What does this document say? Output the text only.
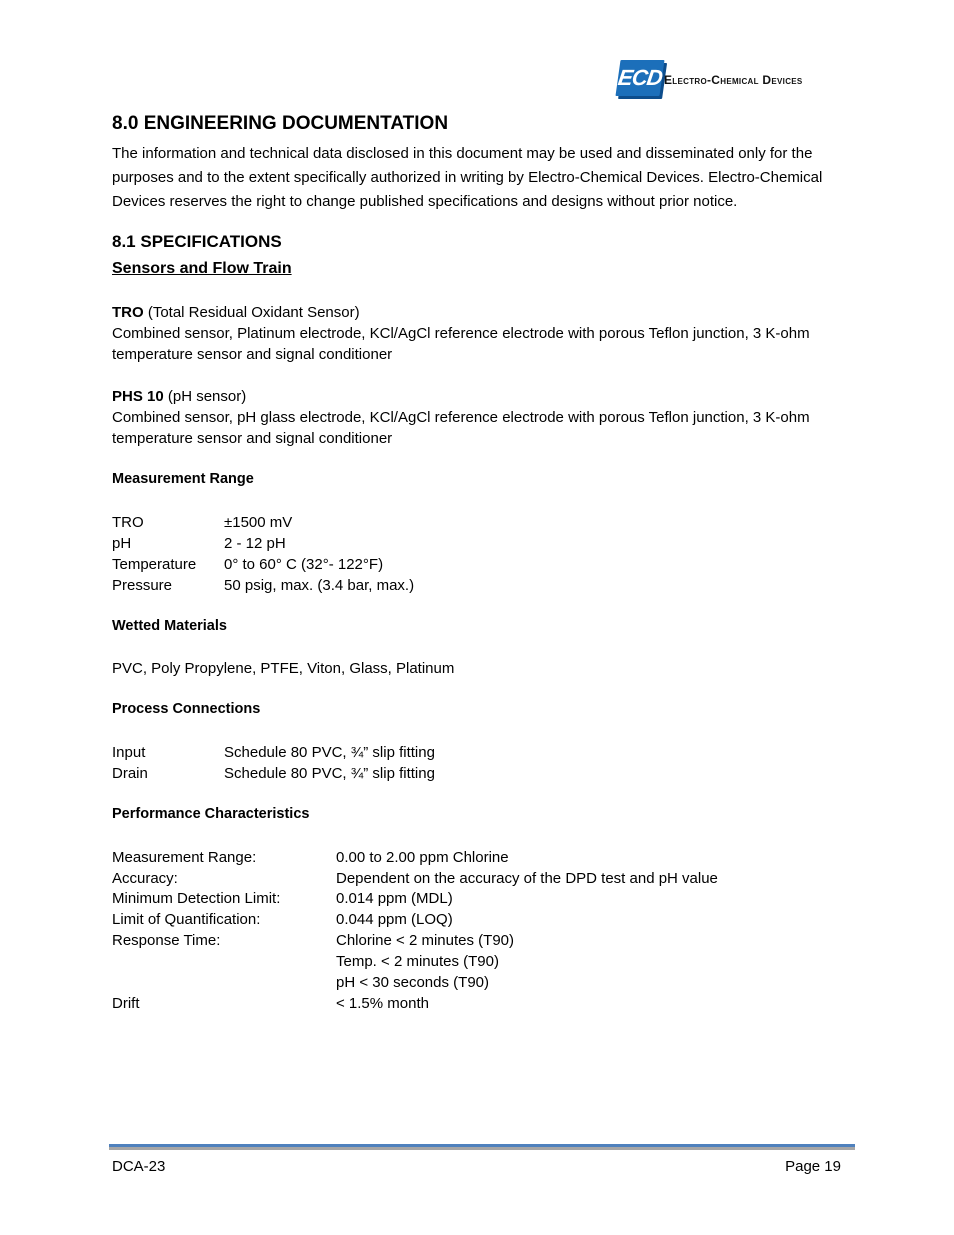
ECD Electro-Chemical Devices
8.0 ENGINEERING DOCUMENTATION

The information and technical data disclosed in this document may be used and disseminated only for the purposes and to the extent specifically authorized in writing by Electro-Chemical Devices. Electro-Chemical Devices reserves the right to change published specifications and designs without prior notice.

8.1 SPECIFICATIONS
Sensors and Flow Train
TRO (Total Residual Oxidant Sensor)
Combined sensor, Platinum electrode, KCl/AgCl reference electrode with porous Teflon junction, 3 K-ohm temperature sensor and signal conditioner
PHS 10 (pH sensor)
Combined sensor, pH glass electrode, KCl/AgCl reference electrode with porous Teflon junction, 3 K-ohm temperature sensor and signal conditioner
Measurement Range
TRO	±1500 mV
pH	2 - 12 pH
Temperature 0° to 60° C (32°- 122°F)
Pressure	50 psig, max. (3.4 bar, max.)
Wetted Materials
PVC, Poly Propylene, PTFE, Viton, Glass, Platinum
Process Connections
Input	Schedule 80 PVC, ¾” slip fitting
Drain	Schedule 80 PVC, ¾” slip fitting
Performance Characteristics
Measurement Range:	0.00 to 2.00 ppm Chlorine
Accuracy:	Dependent on the accuracy of the DPD test and pH value
Minimum Detection Limit:	0.014 ppm (MDL)
Limit of Quantification:	0.044 ppm (LOQ)
Response Time:	Chlorine < 2 minutes (T90)
Temp. < 2 minutes (T90)
pH < 30 seconds (T90)
Drift	< 1.5% month
DCA-23	Page 19
